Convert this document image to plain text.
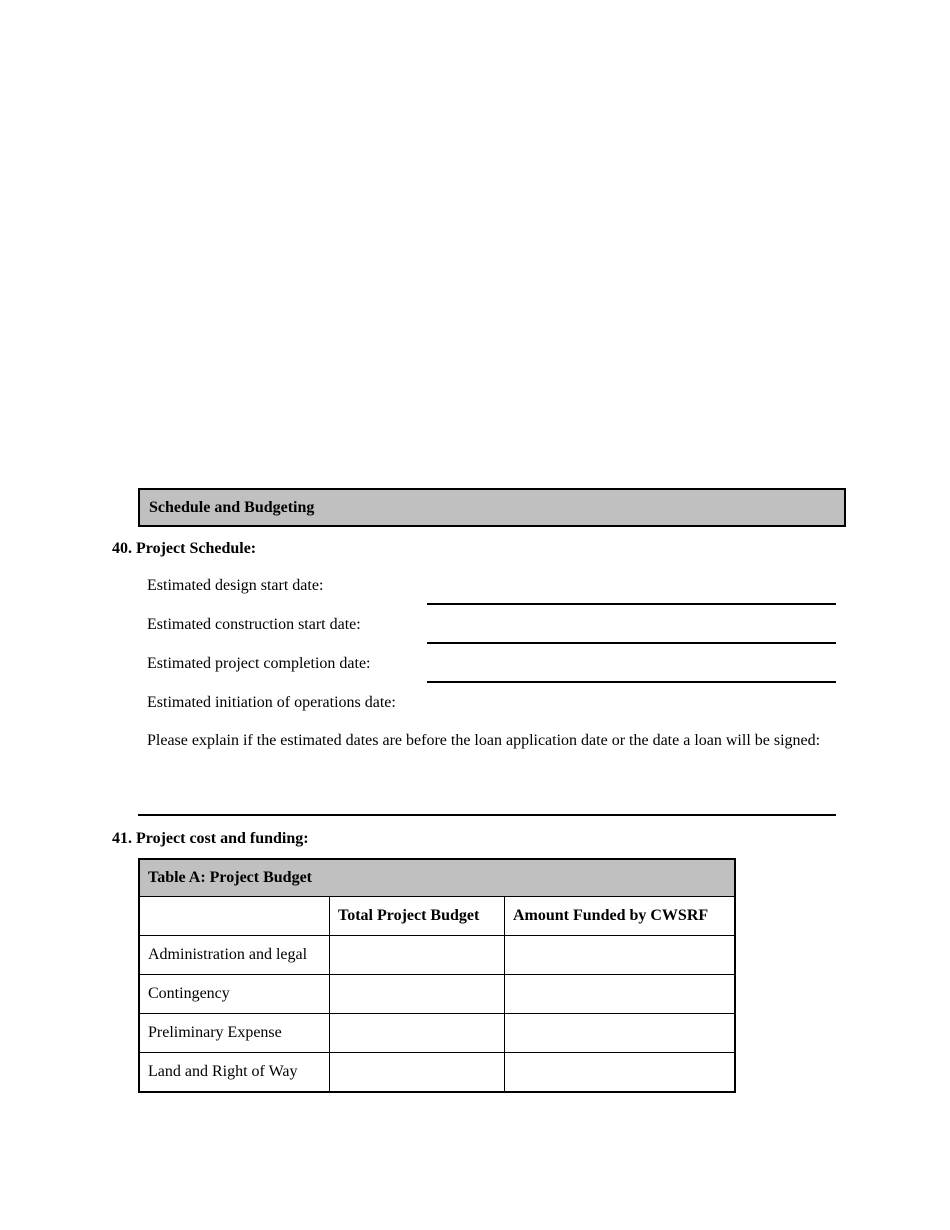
Schedule and Budgeting
40. Project Schedule:
Estimated design start date:
Estimated construction start date:
Estimated project completion date:
Estimated initiation of operations date:
Please explain if the estimated dates are before the loan application date or the date a loan will be signed:
41. Project cost and funding:
Table A: Project Budget		
	Total Project Budget	Amount Funded by CWSRF
Administration and legal		
Contingency		
Preliminary Expense		
Land and Right of Way		
